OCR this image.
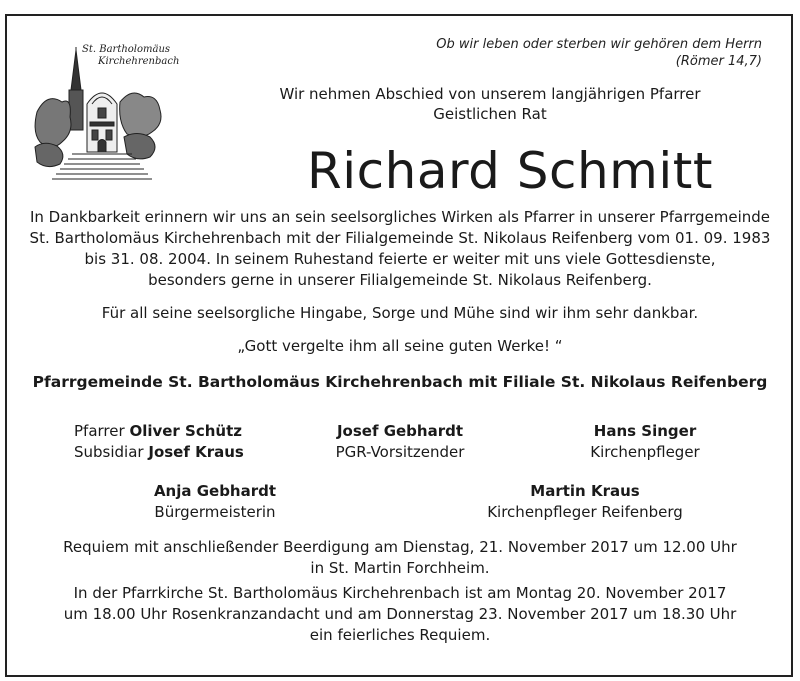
St. Bartholomäus
Kirchehrenbach
Ob wir leben oder sterben wir gehören dem Herrn
(Römer 14,7)
Wir nehmen Abschied von unserem langjährigen Pfarrer
Geistlichen Rat
Richard Schmitt
In Dankbarkeit erinnern wir uns an sein seelsorgliches Wirken als Pfarrer in unserer Pfarrgemeinde
St. Bartholomäus Kirchehrenbach mit der Filialgemeinde St. Nikolaus Reifenberg vom 01. 09. 1983
bis 31. 08. 2004. In seinem Ruhestand feierte er weiter mit uns viele Gottesdienste,
besonders gerne in unserer Filialgemeinde St. Nikolaus Reifenberg.
Für all seine seelsorgliche Hingabe, Sorge und Mühe sind wir ihm sehr dankbar.
„Gott vergelte ihm all seine guten Werke! “
Pfarrgemeinde St. Bartholomäus Kirchehrenbach mit Filiale St. Nikolaus Reifenberg
Pfarrer Oliver Schütz
Subsidiar Josef Kraus
Josef Gebhardt
PGR-Vorsitzender
Hans Singer
Kirchenpfleger
Anja Gebhardt
Bürgermeisterin
Martin Kraus
Kirchenpfleger Reifenberg
Requiem mit anschließender Beerdigung am Dienstag, 21. November 2017 um 12.00 Uhr
in St. Martin Forchheim.
In der Pfarrkirche St. Bartholomäus Kirchehrenbach ist am Montag 20. November 2017
um 18.00 Uhr Rosenkranzandacht und am Donnerstag 23. November 2017 um 18.30 Uhr
ein feierliches Requiem.
